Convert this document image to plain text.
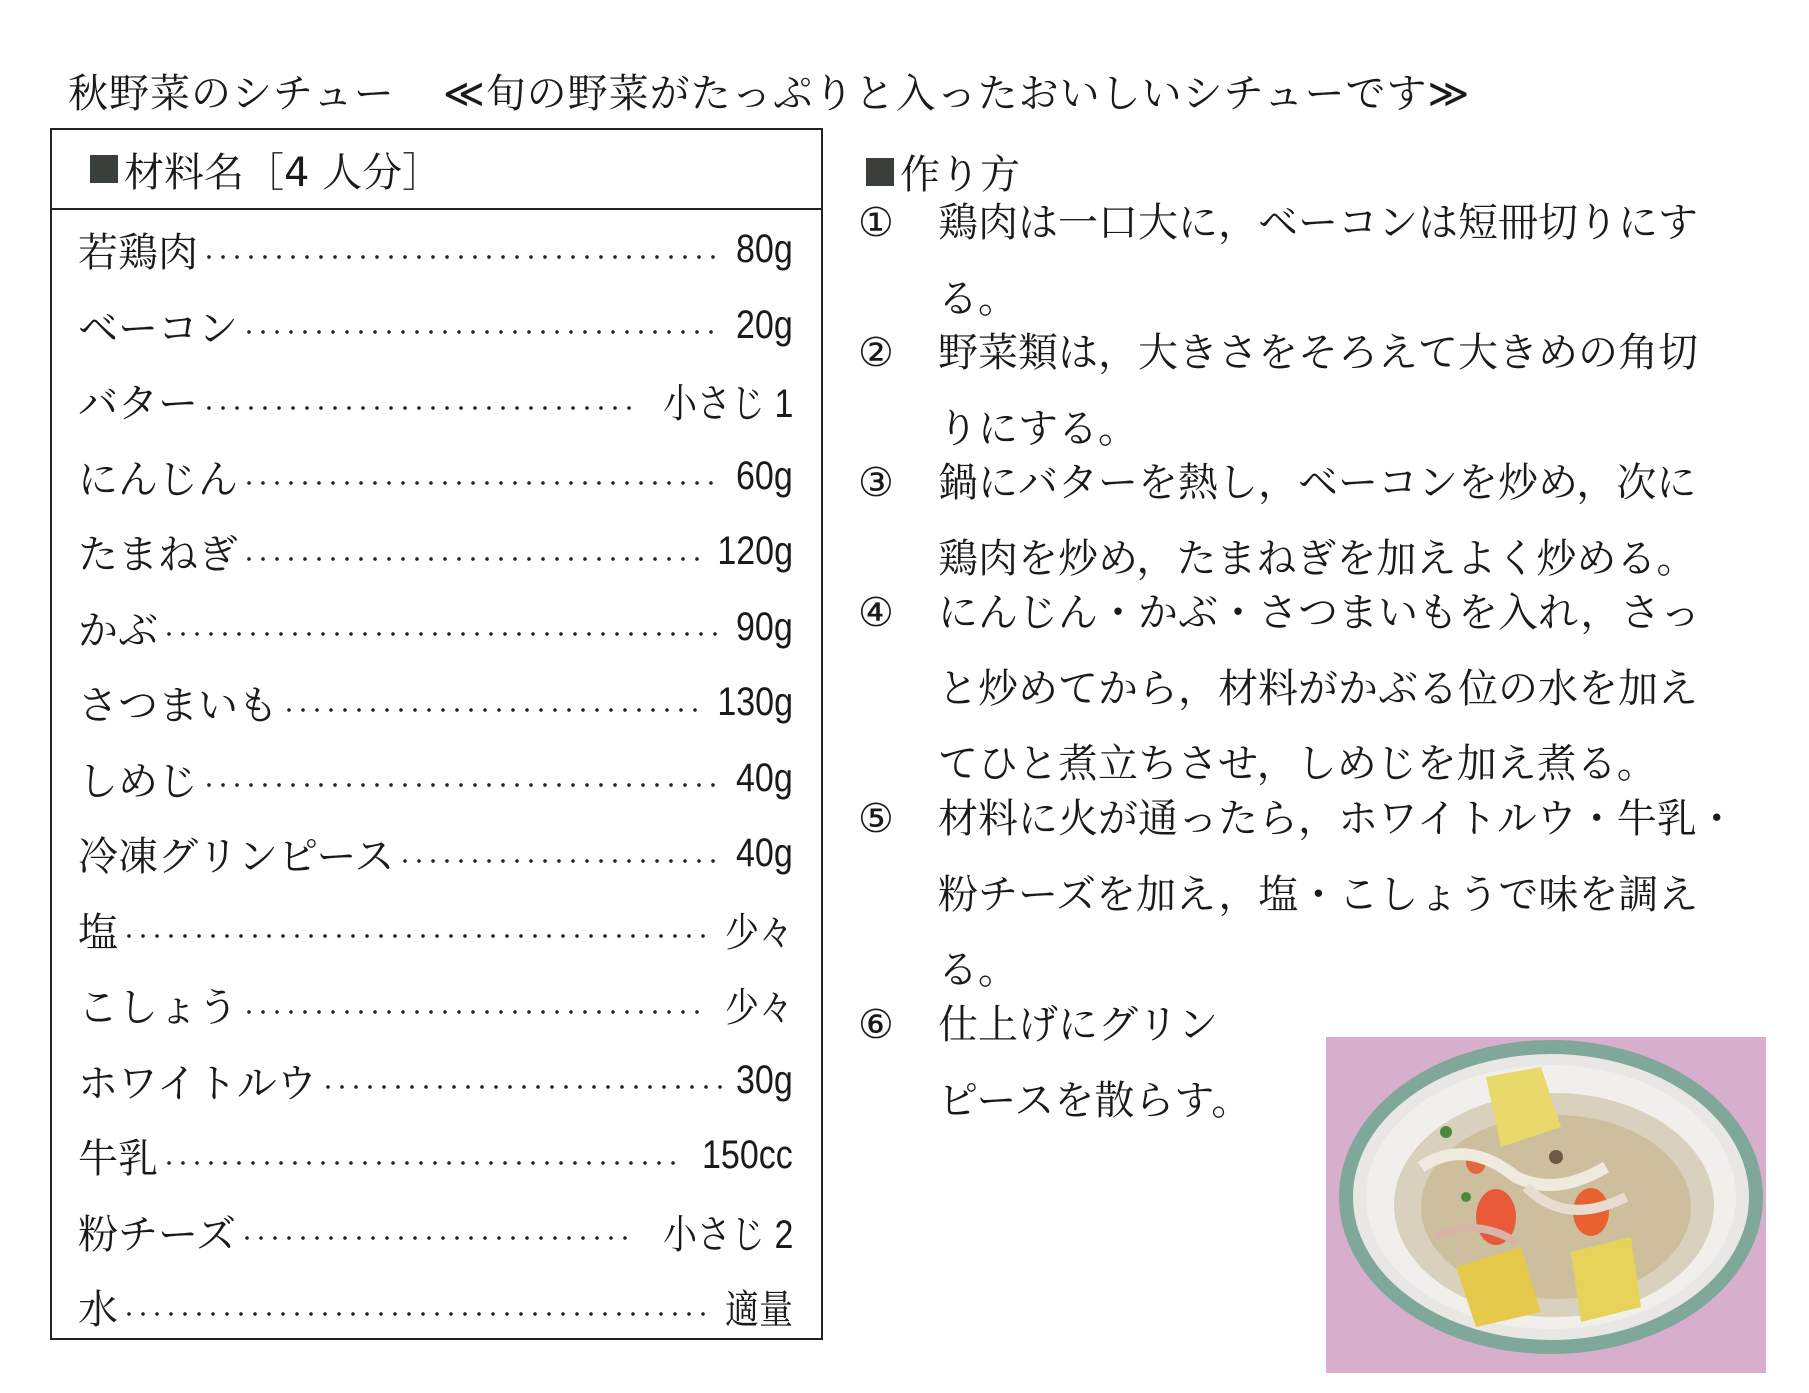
秋野菜のシチュー ≪旬の野菜がたっぷりと入ったおいしいシチューです≫
材料名［4 人分］
若鶏肉	80g
ベーコン	20g
バター	小さじ 1
にんじん	60g
たまねぎ	120g
かぶ	90g
さつまいも	130g
しめじ	40g
冷凍グリンピース	40g
塩	少々
こしょう	少々
ホワイトルウ	30g
牛乳	150cc
粉チーズ	小さじ 2
水	適量
作り方
①	鶏肉は一口大に，ベーコンは短冊切りにす
る。
②	野菜類は，大きさをそろえて大きめの角切
りにする。
③	鍋にバターを熱し，ベーコンを炒め，次に
鶏肉を炒め，たまねぎを加えよく炒める。
④	にんじん・かぶ・さつまいもを入れ，さっ
と炒めてから，材料がかぶる位の水を加え
てひと煮立ちさせ，しめじを加え煮る。
⑤	材料に火が通ったら，ホワイトルウ・牛乳・
粉チーズを加え，塩・こしょうで味を調え
る。
⑥	仕上げにグリン
ピースを散らす。
